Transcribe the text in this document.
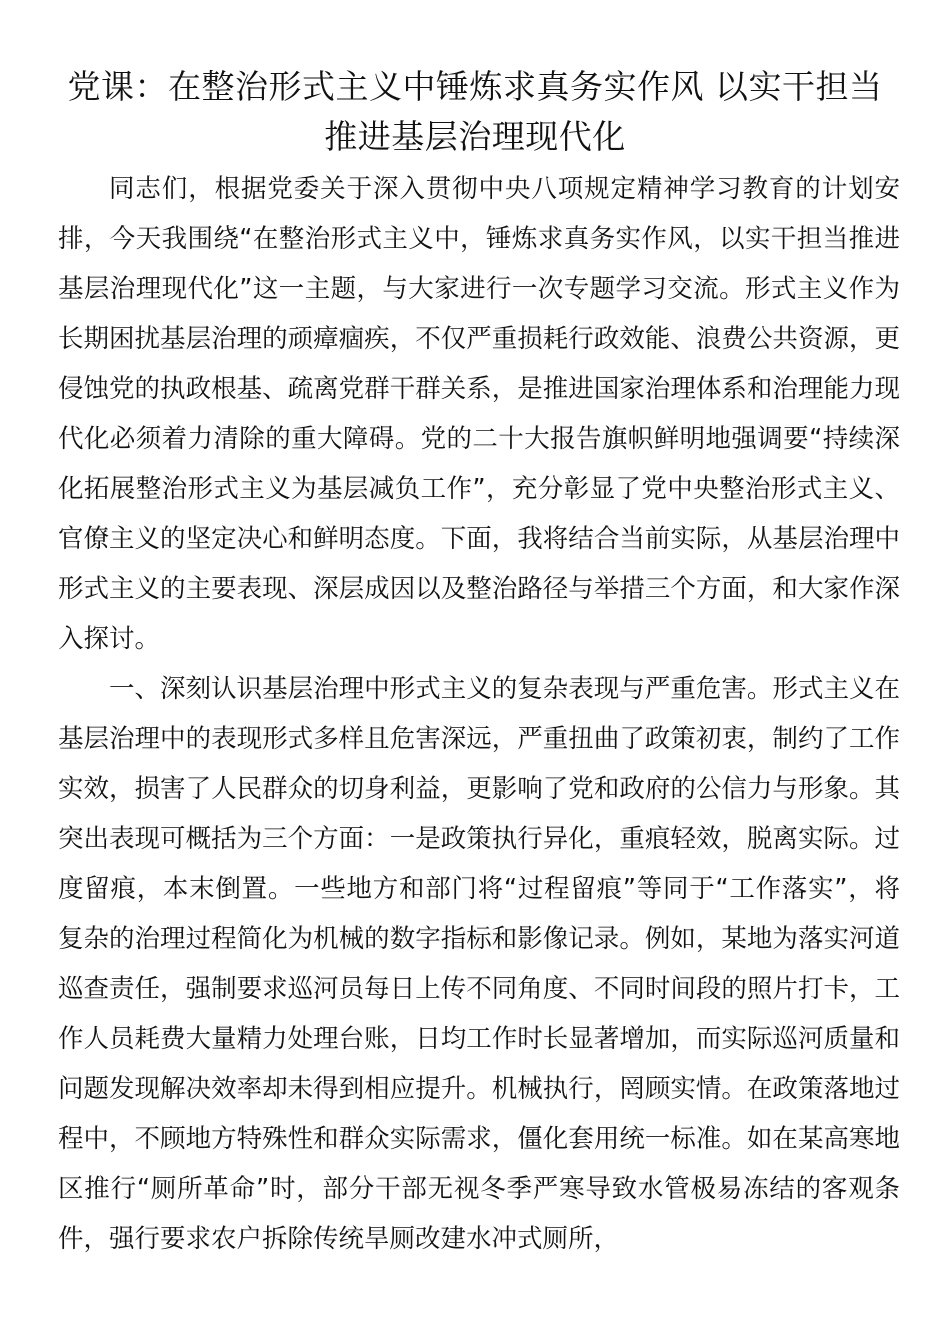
党课：在整治形式主义中锤炼求真务实作风 以实干担当推进基层治理现代化

同志们，根据党委关于深入贯彻中央八项规定精神学习教育的计划安排，今天我围绕“在整治形式主义中，锤炼求真务实作风，以实干担当推进基层治理现代化”这一主题，与大家进行一次专题学习交流。形式主义作为长期困扰基层治理的顽瘴痼疾，不仅严重损耗行政效能、浪费公共资源，更侵蚀党的执政根基、疏离党群干群关系，是推进国家治理体系和治理能力现代化必须着力清除的重大障碍。党的二十大报告旗帜鲜明地强调要“持续深化拓展整治形式主义为基层减负工作”，充分彰显了党中央整治形式主义、官僚主义的坚定决心和鲜明态度。下面，我将结合当前实际，从基层治理中形式主义的主要表现、深层成因以及整治路径与举措三个方面，和大家作深入探讨。

一、深刻认识基层治理中形式主义的复杂表现与严重危害。形式主义在基层治理中的表现形式多样且危害深远，严重扭曲了政策初衷，制约了工作实效，损害了人民群众的切身利益，更影响了党和政府的公信力与形象。其突出表现可概括为三个方面：一是政策执行异化，重痕轻效，脱离实际。过度留痕，本末倒置。一些地方和部门将“过程留痕”等同于“工作落实”，将复杂的治理过程简化为机械的数字指标和影像记录。例如，某地为落实河道巡查责任，强制要求巡河员每日上传不同角度、不同时间段的照片打卡，工作人员耗费大量精力处理台账，日均工作时长显著增加，而实际巡河质量和问题发现解决效率却未得到相应提升。机械执行，罔顾实情。在政策落地过程中，不顾地方特殊性和群众实际需求，僵化套用统一标准。如在某高寒地区推行“厕所革命”时，部分干部无视冬季严寒导致水管极易冻结的客观条件，强行要求农户拆除传统旱厕改建水冲式厕所，
